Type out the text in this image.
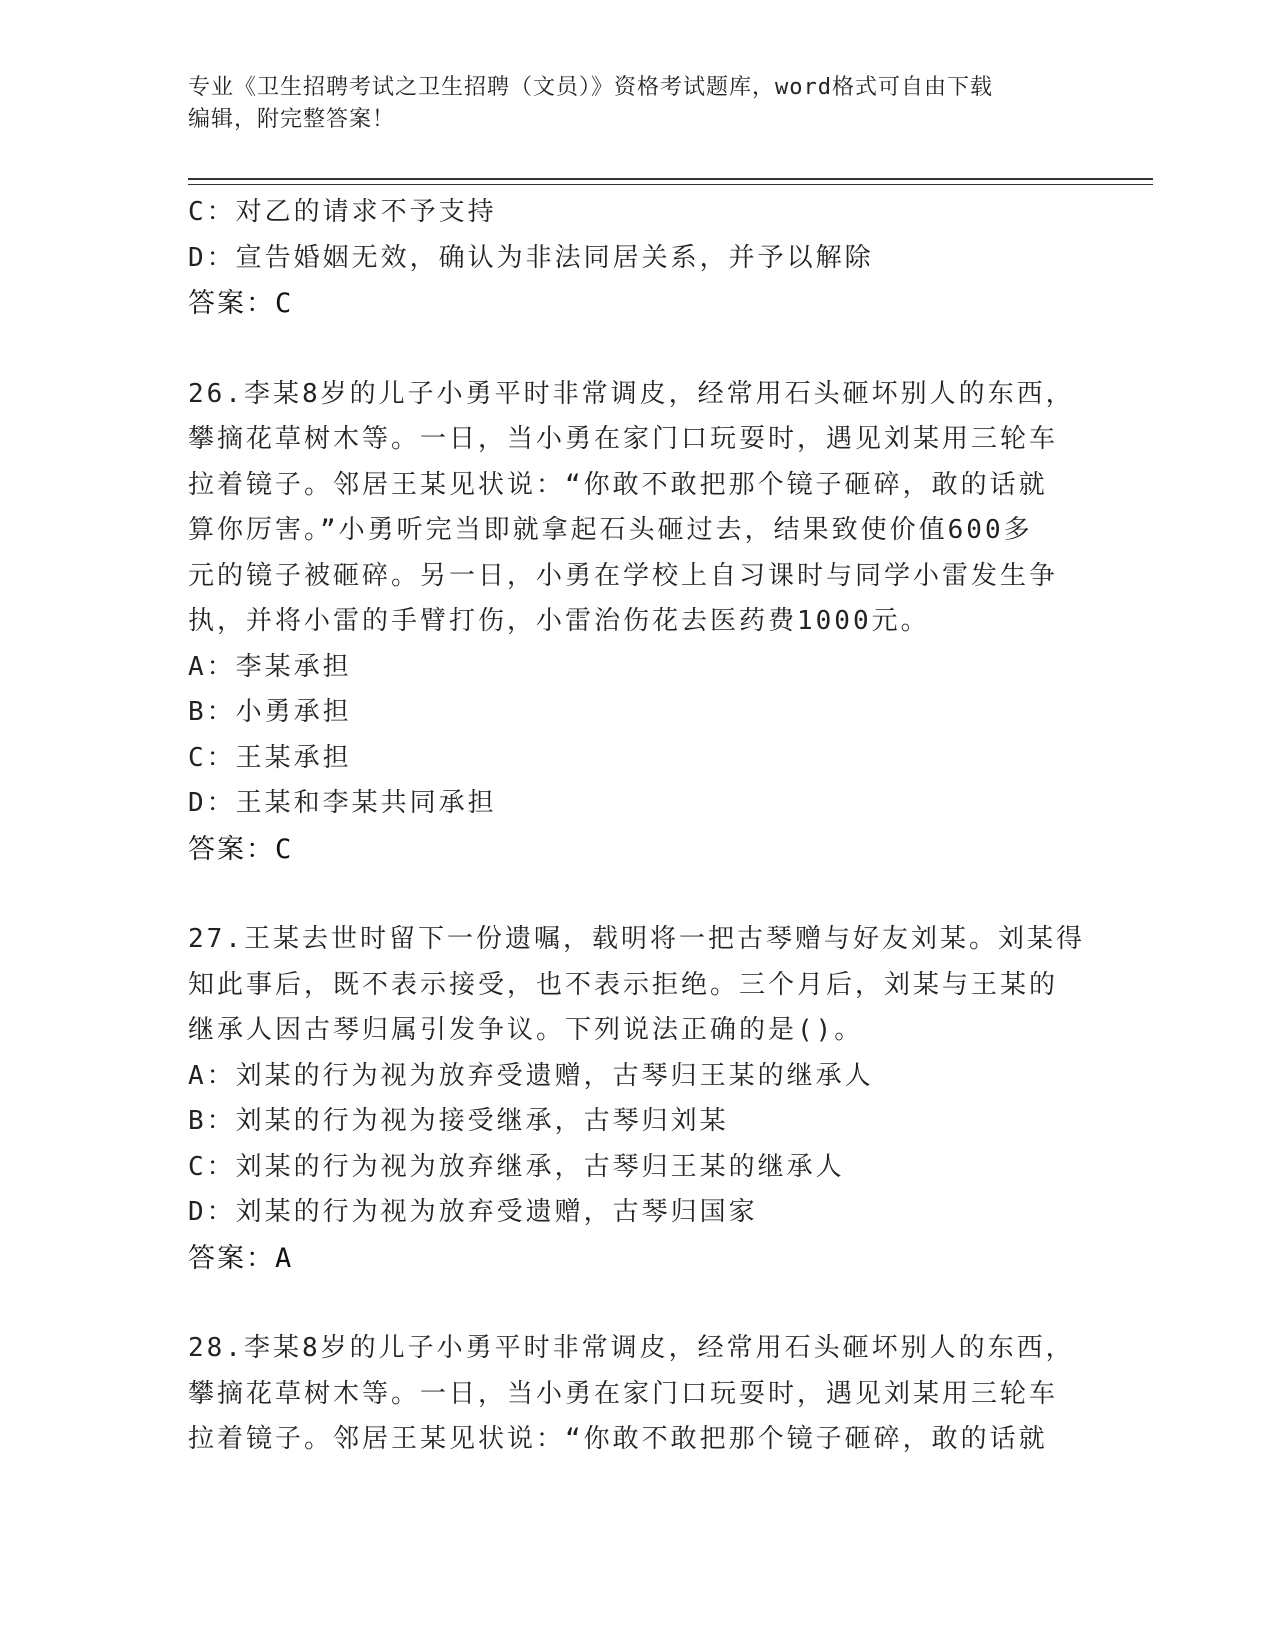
专业《卫生招聘考试之卫生招聘（文员）》资格考试题库，word格式可自由下载
编辑，附完整答案！
C：对乙的请求不予支持
D：宣告婚姻无效，确认为非法同居关系，并予以解除
答案：C
26.李某8岁的儿子小勇平时非常调皮，经常用石头砸坏别人的东西，
攀摘花草树木等。一日，当小勇在家门口玩耍时，遇见刘某用三轮车
拉着镜子。邻居王某见状说：“你敢不敢把那个镜子砸碎，敢的话就
算你厉害。”小勇听完当即就拿起石头砸过去，结果致使价值600多
元的镜子被砸碎。另一日，小勇在学校上自习课时与同学小雷发生争
执，并将小雷的手臂打伤，小雷治伤花去医药费1000元。
A：李某承担
B：小勇承担
C：王某承担
D：王某和李某共同承担
答案：C
27.王某去世时留下一份遗嘱，载明将一把古琴赠与好友刘某。刘某得
知此事后，既不表示接受，也不表示拒绝。三个月后，刘某与王某的
继承人因古琴归属引发争议。下列说法正确的是()。
A：刘某的行为视为放弃受遗赠，古琴归王某的继承人
B：刘某的行为视为接受继承，古琴归刘某
C：刘某的行为视为放弃继承，古琴归王某的继承人
D：刘某的行为视为放弃受遗赠，古琴归国家
答案：A
28.李某8岁的儿子小勇平时非常调皮，经常用石头砸坏别人的东西，
攀摘花草树木等。一日，当小勇在家门口玩耍时，遇见刘某用三轮车
拉着镜子。邻居王某见状说：“你敢不敢把那个镜子砸碎，敢的话就
